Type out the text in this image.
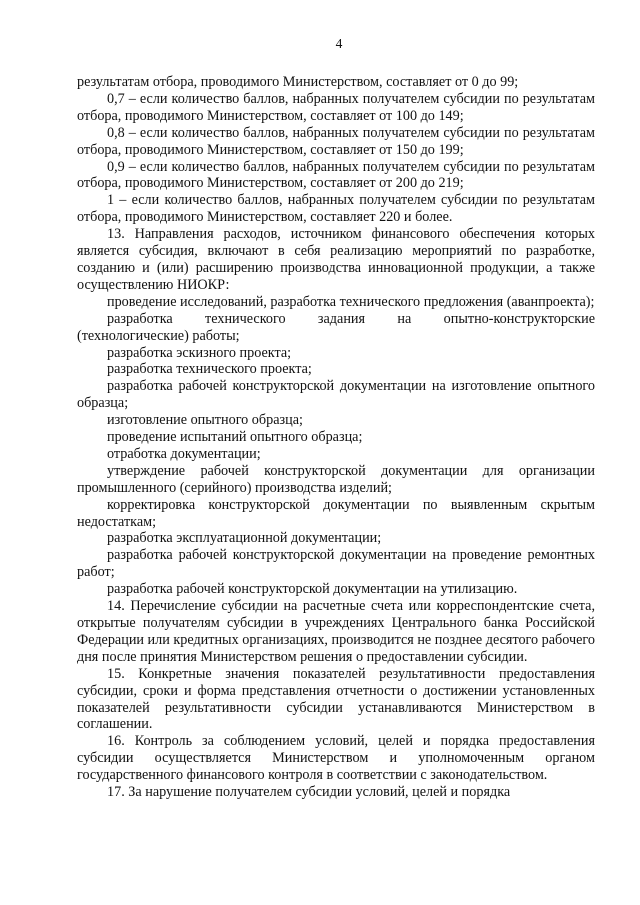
4

результатам отбора, проводимого Министерством, составляет от 0 до 99;

0,7 – если количество баллов, набранных получателем субсидии по результатам отбора, проводимого Министерством, составляет от 100 до 149;

0,8 – если количество баллов, набранных получателем субсидии по результатам отбора, проводимого Министерством, составляет от 150 до 199;

0,9 – если количество баллов, набранных получателем субсидии по результатам отбора, проводимого Министерством, составляет от 200 до 219;

1 – если количество баллов, набранных получателем субсидии по результатам отбора, проводимого Министерством, составляет 220 и более.

13. Направления расходов, источником финансового обеспечения которых является субсидия, включают в себя реализацию мероприятий по разработке, созданию и (или) расширению производства инновационной продукции, а также осуществлению НИОКР:

проведение исследований, разработка технического предложения (аванпроекта);

разработка технического задания на опытно-конструкторские (технологические) работы;

разработка эскизного проекта;

разработка технического проекта;

разработка рабочей конструкторской документации на изготовление опытного образца;

изготовление опытного образца;

проведение испытаний опытного образца;

отработка документации;

утверждение рабочей конструкторской документации для организации промышленного (серийного) производства изделий;

корректировка конструкторской документации по выявленным скрытым недостаткам;

разработка эксплуатационной документации;

разработка рабочей конструкторской документации на проведение ремонтных работ;

разработка рабочей конструкторской документации на утилизацию.

14. Перечисление субсидии на расчетные счета или корреспондентские счета, открытые получателям субсидии в учреждениях Центрального банка Российской Федерации или кредитных организациях, производится не позднее десятого рабочего дня после принятия Министерством решения о предоставлении субсидии.

15. Конкретные значения показателей результативности предоставления субсидии, сроки и форма представления отчетности о достижении установленных показателей результативности субсидии устанавливаются Министерством в соглашении.

16. Контроль за соблюдением условий, целей и порядка предоставления субсидии осуществляется Министерством и уполномоченным органом государственного финансового контроля в соответствии с законодательством.

17. За нарушение получателем субсидии условий, целей и порядка
